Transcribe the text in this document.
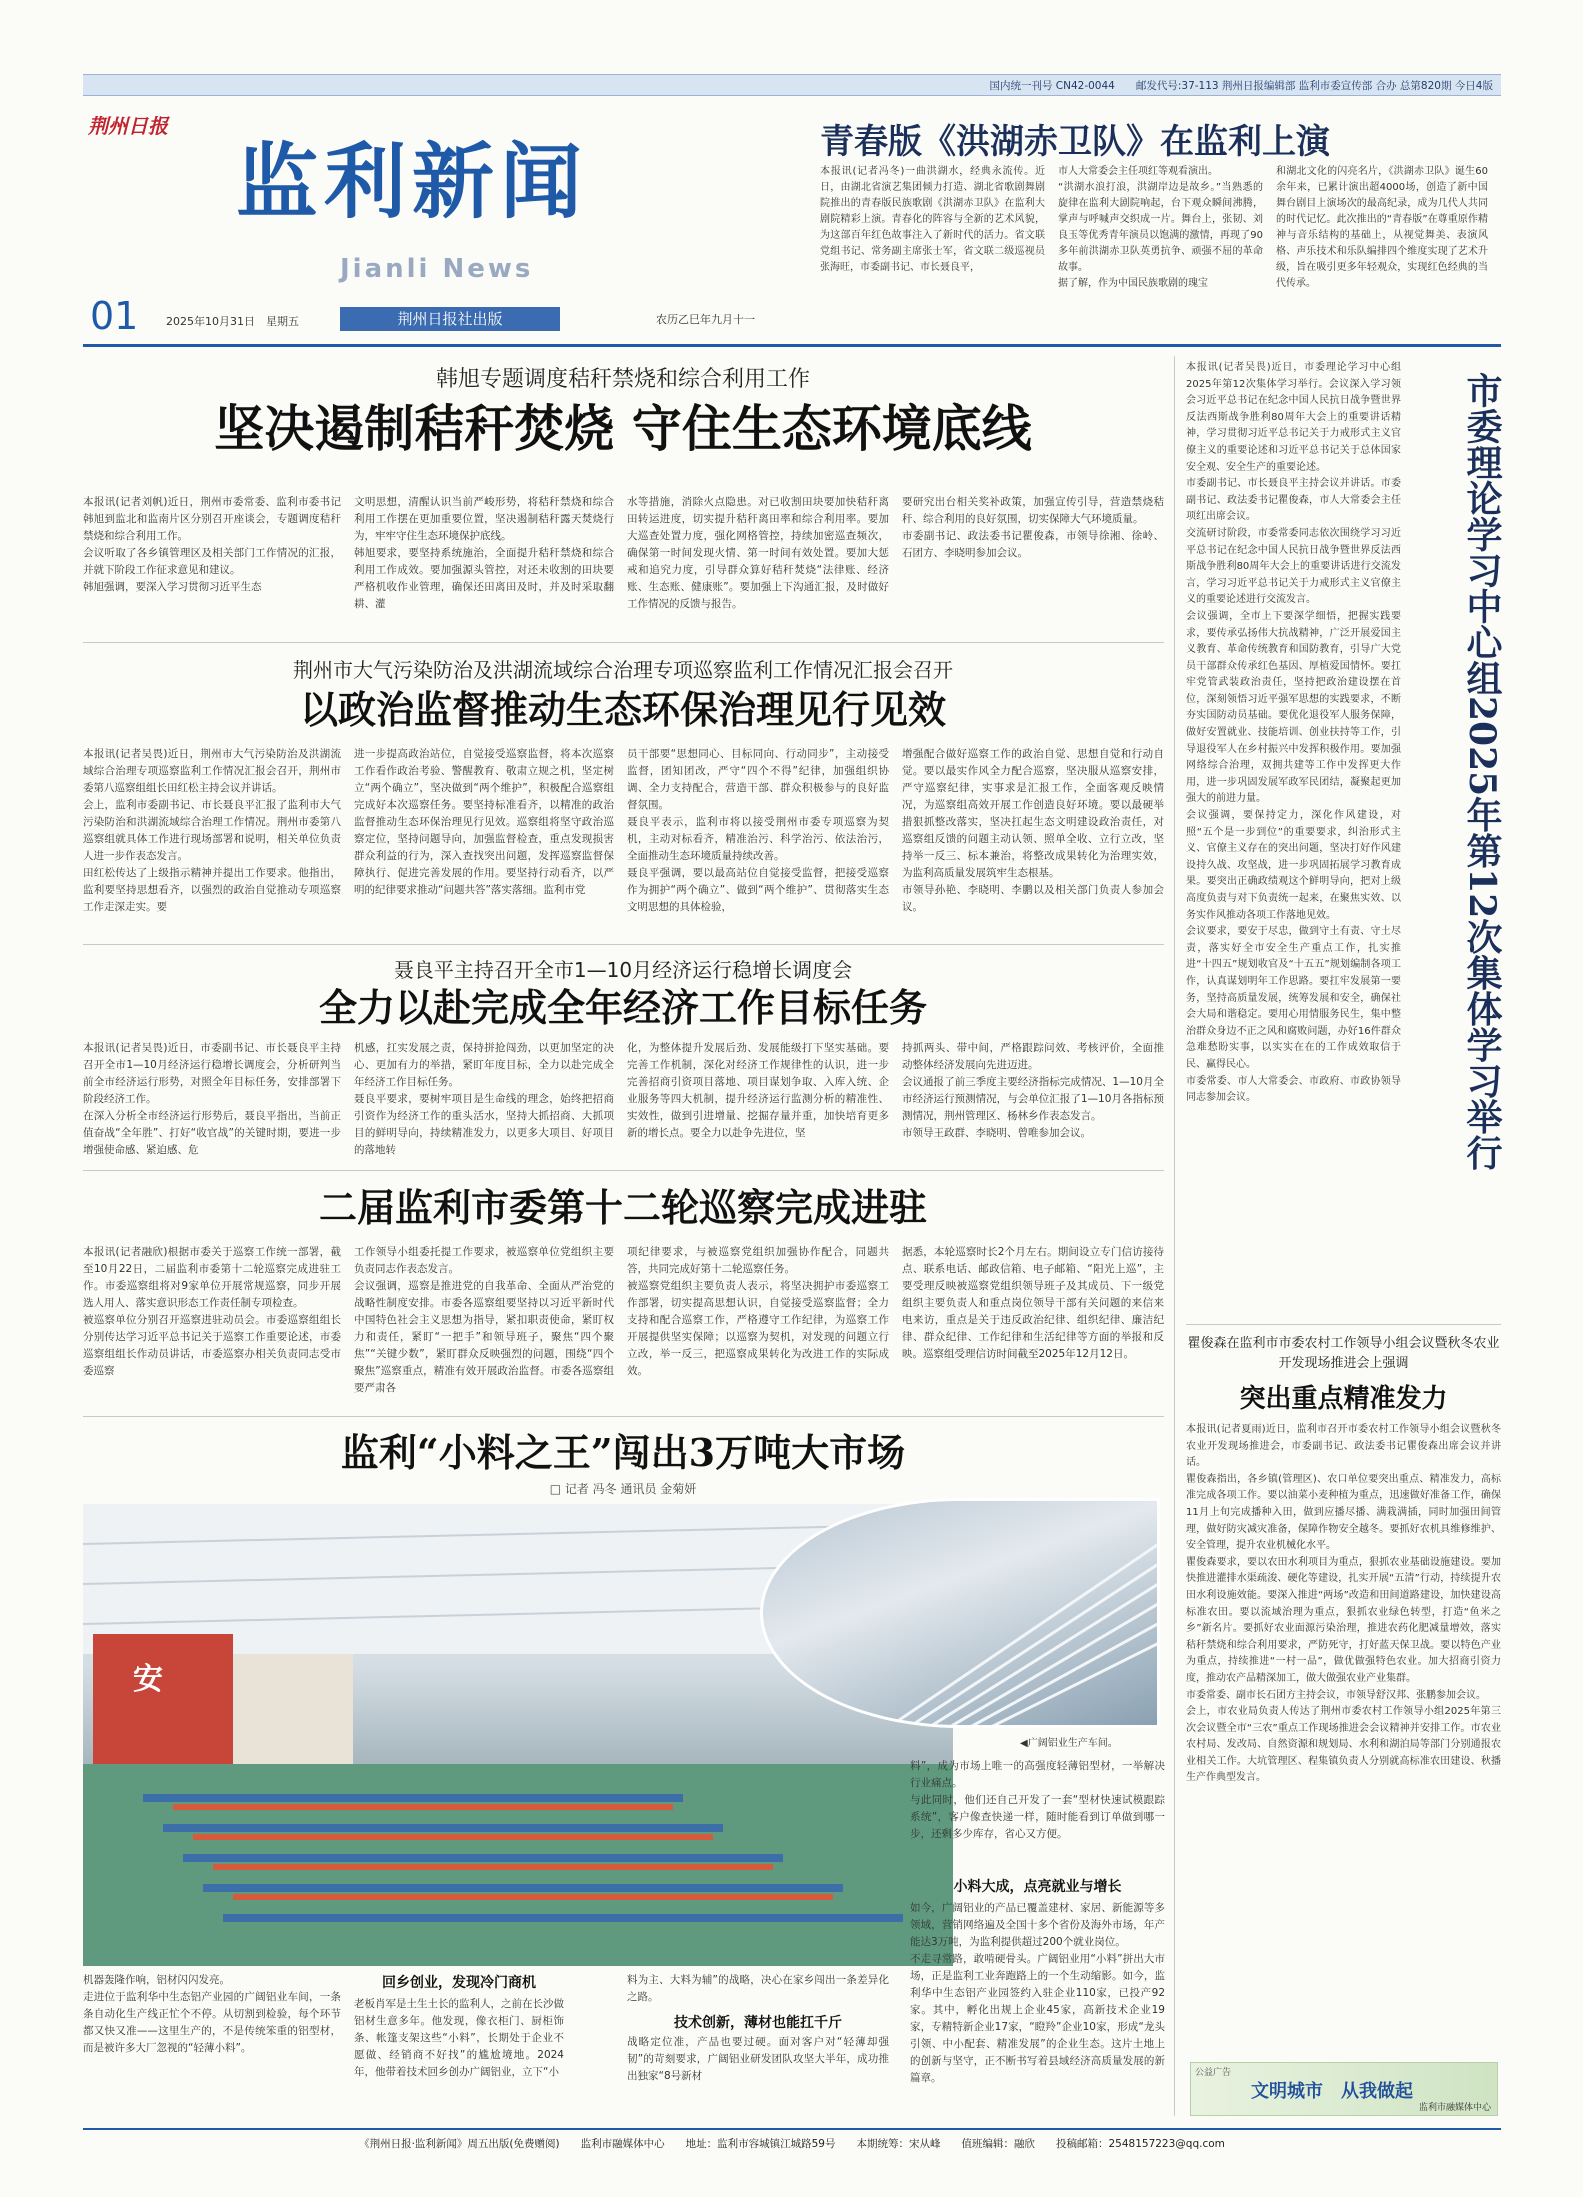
国内统一刊号 CN42-0044　　邮发代号:37-113 荆州日报编辑部 监利市委宣传部 合办 总第820期 今日4版
荆州日报
监利新闻
Jianli News
01	2025年10月31日　星期五	荆州日报社出版	农历乙巳年九月十一
青春版《洪湖赤卫队》在监利上演
本报讯(记者冯冬)一曲洪湖水，经典永流传。近日，由湖北省演艺集团倾力打造、湖北省歌剧舞剧院推出的青春版民族歌剧《洪湖赤卫队》在监利大剧院精彩上演。青春化的阵容与全新的艺术风貌，为这部百年红色故事注入了新时代的活力。省文联党组书记、常务副主席张士军，省文联二级巡视员张海旺，市委副书记、市长聂良平，
市人大常委会主任项红等观看演出。
“洪湖水浪打浪，洪湖岸边是故乡。”当熟悉的旋律在监利大剧院响起，台下观众瞬间沸腾，掌声与呼喊声交织成一片。舞台上，张韧、刘良玉等优秀青年演员以饱满的激情，再现了90多年前洪湖赤卫队英勇抗争、顽强不屈的革命故事。
据了解，作为中国民族歌剧的瑰宝
和湖北文化的闪亮名片，《洪湖赤卫队》诞生60余年来，已累计演出超4000场，创造了新中国舞台剧目上演场次的最高纪录，成为几代人共同的时代记忆。此次推出的“青春版”在尊重原作精神与音乐结构的基础上，从视觉舞美、表演风格、声乐技术和乐队编排四个维度实现了艺术升级，旨在吸引更多年轻观众，实现红色经典的当代传承。
韩旭专题调度秸秆禁烧和综合利用工作
坚决遏制秸秆焚烧 守住生态环境底线
本报讯(记者刘帆)近日，荆州市委常委、监利市委书记韩旭到监北和监南片区分别召开座谈会，专题调度秸秆禁烧和综合利用工作。
会议听取了各乡镇管理区及相关部门工作情况的汇报，并就下阶段工作征求意见和建议。
韩旭强调，要深入学习贯彻习近平生态
文明思想，清醒认识当前严峻形势，将秸秆禁烧和综合利用工作摆在更加重要位置，坚决遏制秸秆露天焚烧行为，牢牢守住生态环境保护底线。
韩旭要求，要坚持系统施治，全面提升秸秆禁烧和综合利用工作成效。要加强源头管控，对还未收割的田块要严格机收作业管理，确保还田离田及时，并及时采取翻耕、灌
水等措施，消除火点隐患。对已收割田块要加快秸秆离田转运进度，切实提升秸秆离田率和综合利用率。要加大巡查处置力度，强化网格管控，持续加密巡查频次，确保第一时间发现火情、第一时间有效处置。要加大惩戒和追究力度，引导群众算好秸秆焚烧“法律账、经济账、生态账、健康账”。要加强上下沟通汇报，及时做好工作情况的反馈与报告。
要研究出台相关奖补政策，加强宣传引导，营造禁烧秸秆、综合利用的良好氛围，切实保障大气环境质量。
市委副书记、政法委书记瞿俊森，市领导徐湘、徐岭、石团方、李晓明参加会议。
荆州市大气污染防治及洪湖流域综合治理专项巡察监利工作情况汇报会召开
以政治监督推动生态环保治理见行见效
本报讯(记者吴畏)近日，荆州市大气污染防治及洪湖流域综合治理专项巡察监利工作情况汇报会召开，荆州市委第八巡察组组长田红松主持会议并讲话。
会上，监利市委副书记、市长聂良平汇报了监利市大气污染防治和洪湖流域综合治理工作情况。荆州市委第八巡察组就具体工作进行现场部署和说明，相关单位负责人进一步作表态发言。
田红松传达了上级指示精神并提出工作要求。他指出，监利要坚持思想看齐，以强烈的政治自觉推动专项巡察工作走深走实。要
进一步提高政治站位，自觉接受巡察监督，将本次巡察工作看作政治考验、警醒教育、敬肃立规之机，坚定树立“两个确立”，坚决做到“两个维护”，积极配合巡察组完成好本次巡察任务。要坚持标准看齐，以精准的政治监督推动生态环保治理见行见效。巡察组将坚守政治巡察定位，坚持问题导向，加强监督检查，重点发现损害群众利益的行为，深入查找突出问题，发挥巡察监督保障执行、促进完善发展的作用。要坚持行动看齐，以严明的纪律要求推动“问题共答”落实落细。监利市党
员干部要“思想同心、目标同向、行动同步”，主动接受监督，团知团改，严守“四个不得”纪律，加强组织协调、全力支持配合，营造干部、群众积极参与的良好监督氛围。
聂良平表示，监利市将以接受荆州市委专项巡察为契机，主动对标看齐，精准治污、科学治污、依法治污，全面推动生态环境质量持续改善。
聂良平强调，要以最高站位自觉接受监督，把接受巡察作为拥护“两个确立”、做到“两个维护”、贯彻落实生态文明思想的具体检验，
增强配合做好巡察工作的政治自觉、思想自觉和行动自觉。要以最实作风全力配合巡察，坚决服从巡察安排，严守巡察纪律，实事求是汇报工作，全面客观反映情况，为巡察组高效开展工作创造良好环境。要以最硬举措狠抓整改落实，坚决扛起生态文明建设政治责任，对巡察组反馈的问题主动认领、照单全收、立行立改，坚持举一反三、标本兼治，将整改成果转化为治理实效，为监利高质量发展筑牢生态根基。
市领导孙艳、李晓明、李鹏以及相关部门负责人参加会议。
聂良平主持召开全市1—10月经济运行稳增长调度会
全力以赴完成全年经济工作目标任务
本报讯(记者吴畏)近日，市委副书记、市长聂良平主持召开全市1—10月经济运行稳增长调度会，分析研判当前全市经济运行形势，对照全年目标任务，安排部署下阶段经济工作。
在深入分析全市经济运行形势后，聂良平指出，当前正值奋战“全年胜”、打好“收官战”的关键时期，要进一步增强使命感、紧迫感、危
机感，扛实发展之责，保持拼抢闯劲，以更加坚定的决心、更加有力的举措，紧盯年度目标，全力以赴完成全年经济工作目标任务。
聂良平要求，要树牢项目是生命线的理念，始终把招商引资作为经济工作的重头活水，坚持大抓招商、大抓项目的鲜明导向，持续精准发力，以更多大项目、好项目的落地转
化，为整体提升发展后劲、发展能级打下坚实基础。要完善工作机制，深化对经济工作规律性的认识，进一步完善招商引资项目落地、项目谋划争取、入库入统、企业服务等四大机制，提升经济运行监测分析的精准性、实效性，做到引进增量、挖掘存量并重，加快培育更多新的增长点。要全力以赴争先进位，坚
持抓两头、带中间，严格跟踪问效、考核评价，全面推动整体经济发展向先进迈进。
会议通报了前三季度主要经济指标完成情况、1—10月全市经济运行预测情况，与会单位汇报了1—10月各指标预测情况，荆州管理区、杨林乡作表态发言。
市领导王政群、李晓明、曾唯参加会议。
二届监利市委第十二轮巡察完成进驻
本报讯(记者融欣)根据市委关于巡察工作统一部署，截至10月22日，二届监利市委第十二轮巡察完成进驻工作。市委巡察组将对9家单位开展常规巡察，同步开展选人用人、落实意识形态工作责任制专项检查。
被巡察单位分别召开巡察进驻动员会。市委巡察组组长分别传达学习近平总书记关于巡察工作重要论述，市委巡察组组长作动员讲话，市委巡察办相关负责同志受市委巡察
工作领导小组委托提工作要求，被巡察单位党组织主要负责同志作表态发言。
会议强调，巡察是推进党的自我革命、全面从严治党的战略性制度安排。市委各巡察组要坚持以习近平新时代中国特色社会主义思想为指导，紧扣职责使命，紧盯权力和责任，紧盯“一把手”和领导班子，聚焦“四个聚焦”“关键少数”，紧盯群众反映强烈的问题，围绕“四个聚焦”巡察重点，精准有效开展政治监督。市委各巡察组要严肃各
项纪律要求，与被巡察党组织加强协作配合，同题共答，共同完成好第十二轮巡察任务。
被巡察党组织主要负责人表示，将坚决拥护市委巡察工作部署，切实提高思想认识，自觉接受巡察监督；全力支持和配合巡察工作，严格遵守工作纪律，为巡察工作开展提供坚实保障；以巡察为契机，对发现的问题立行立改，举一反三，把巡察成果转化为改进工作的实际成效。
据悉，本轮巡察时长2个月左右。期间设立专门信访接待点、联系电话、邮政信箱、电子邮箱、“阳光上巡”，主要受理反映被巡察党组织领导班子及其成员、下一级党组织主要负责人和重点岗位领导干部有关问题的来信来电来访，重点是关于违反政治纪律、组织纪律、廉洁纪律、群众纪律、工作纪律和生活纪律等方面的举报和反映。巡察组受理信访时间截至2025年12月12日。
监利“小料之王”闯出3万吨大市场
□ 记者 冯冬 通讯员 金菊妍
安
◀广阔铝业生产车间。
料”，成为市场上唯一的高强度轻薄铝型材，一举解决行业痛点。
与此同时，他们还自己开发了一套“型材快速试模跟踪系统”，客户像查快递一样，随时能看到订单做到哪一步，还剩多少库存，省心又方便。
小料大成，点亮就业与增长
如今，广阔铝业的产品已覆盖建材、家居、新能源等多领域，营销网络遍及全国十多个省份及海外市场，年产能达3万吨，为监利提供超过200个就业岗位。
不走寻常路，敢啃硬骨头。广阔铝业用“小料”拼出大市场，正是监利工业奔跑路上的一个生动缩影。如今，监利华中生态铝产业园签约入驻企业110家，已投产92家。其中，孵化出规上企业45家，高新技术企业19家，专精特新企业17家，“瞪羚”企业10家，形成“龙头引领、中小配套、精准发展”的企业生态。这片土地上的创新与坚守，正不断书写着县域经济高质量发展的新篇章。
机器轰隆作响，铝材闪闪发亮。
走进位于监利华中生态铝产业园的广阔铝业车间，一条条自动化生产线正忙个不停。从切割到检验，每个环节都又快又准——这里生产的，不是传统笨重的铝型材，而是被许多大厂忽视的“轻薄小料”。
回乡创业，发现冷门商机
老板肖军是土生土长的监利人，之前在长沙做铝材生意多年。他发现，像衣柜门、厨柜饰条、帐篷支架这些“小料”，长期处于企业不愿做、经销商不好找”的尴尬境地。2024年，他带着技术回乡创办广阔铝业，立下“小
料为主、大料为辅”的战略，决心在家乡闯出一条差异化之路。
技术创新，薄材也能扛千斤
战略定位准，产品也要过硬。面对客户对“轻薄却强韧”的苛刻要求，广阔铝业研发团队攻坚大半年，成功推出独家“8号新材
本报讯(记者吴畏)近日，市委理论学习中心组2025年第12次集体学习举行。会议深入学习领会习近平总书记在纪念中国人民抗日战争暨世界反法西斯战争胜利80周年大会上的重要讲话精神，学习贯彻习近平总书记关于力戒形式主义官僚主义的重要论述和习近平总书记关于总体国家安全观、安全生产的重要论述。
市委副书记、市长聂良平主持会议并讲话。市委副书记、政法委书记瞿俊森，市人大常委会主任项红出席会议。
交流研讨阶段，市委常委同志依次围绕学习习近平总书记在纪念中国人民抗日战争暨世界反法西斯战争胜利80周年大会上的重要讲话进行交流发言，学习习近平总书记关于力戒形式主义官僚主义的重要论述进行交流发言。
会议强调，全市上下要深学细悟，把握实践要求，要传承弘扬伟大抗战精神，广泛开展爱国主义教育、革命传统教育和国防教育，引导广大党员干部群众传承红色基因、厚植爱国情怀。要扛牢党管武装政治责任，坚持把政治建设摆在首位，深刻领悟习近平强军思想的实践要求，不断夯实国防动员基础。要优化退役军人服务保障，做好安置就业、技能培训、创业扶持等工作，引导退役军人在乡村振兴中发挥积极作用。要加强网络综合治理，双拥共建等工作中发挥更大作用，进一步巩固发展军政军民团结，凝聚起更加强大的前进力量。
会议强调，要保持定力，深化作风建设，对照“五个是一步到位”的重要要求，纠治形式主义、官僚主义存在的突出问题，坚决打好作风建设持久战、攻坚战，进一步巩固拓展学习教育成果。要突出正确政绩观这个鲜明导向，把对上级高度负责与对下负责统一起来，在聚焦实效、以务实作风推动各项工作落地见效。
会议要求，要安于尽忠，做到守土有责、守土尽责，落实好全市安全生产重点工作，扎实推进“十四五”规划收官及“十五五”规划编制各项工作，认真谋划明年工作思路。要扛牢发展第一要务，坚持高质量发展，统筹发展和安全，确保社会大局和谐稳定。要用心用情服务民生，集中整治群众身边不正之风和腐败问题，办好16件群众急难愁盼实事，以实实在在的工作成效取信于民、赢得民心。
市委常委、市人大常委会、市政府、市政协领导同志参加会议。	市委理论学习中心组2025年第12次集体学习举行
瞿俊森在监利市市委农村工作领导小组会议暨秋冬农业开发现场推进会上强调
突出重点精准发力
本报讯(记者夏雨)近日，监利市召开市委农村工作领导小组会议暨秋冬农业开发现场推进会，市委副书记、政法委书记瞿俊森出席会议并讲话。
瞿俊森指出，各乡镇(管理区)、农口单位要突出重点、精准发力，高标准完成各项工作。要以油菜小麦种植为重点，迅速做好准备工作，确保11月上旬完成播种入田，做到应播尽播、满栽满插，同时加强田间管理，做好防灾减灾准备，保障作物安全越冬。要抓好农机具维修维护、安全管理，提升农业机械化水平。
瞿俊森要求，要以农田水利项目为重点，狠抓农业基础设施建设。要加快推进灌排水渠疏浚、硬化等建设，扎实开展“五清”行动，持续提升农田水利设施效能。要深入推进“两场”改造和田间道路建设，加快建设高标准农田。要以流域治理为重点，狠抓农业绿色转型，打造“鱼米之乡”新名片。要抓好农业面源污染治理，推进农药化肥减量增效，落实秸秆禁烧和综合利用要求，严防死守，打好蓝天保卫战。要以特色产业为重点，持续推进“一村一品”，做优做强特色农业。加大招商引资力度，推动农产品精深加工，做大做强农业产业集群。
市委常委、副市长石团方主持会议，市领导舒汉邦、张鹏参加会议。
会上，市农业局负责人传达了荆州市委农村工作领导小组2025年第三次会议暨全市“三农”重点工作现场推进会会议精神并安排工作。市农业农村局、发改局、自然资源和规划局、水利和湖泊局等部门分别通报农业相关工作。大坑管理区、程集镇负责人分别就高标准农田建设、秋播生产作典型发言。
公益广告
文明城市　从我做起
监利市融媒体中心
《荆州日报·监利新闻》周五出版(免费赠阅)　　监利市融媒体中心　　地址：监利市容城镇江城路59号　　本期统筹：宋从峰　　值班编辑：融欣　　投稿邮箱：2548157223@qq.com
